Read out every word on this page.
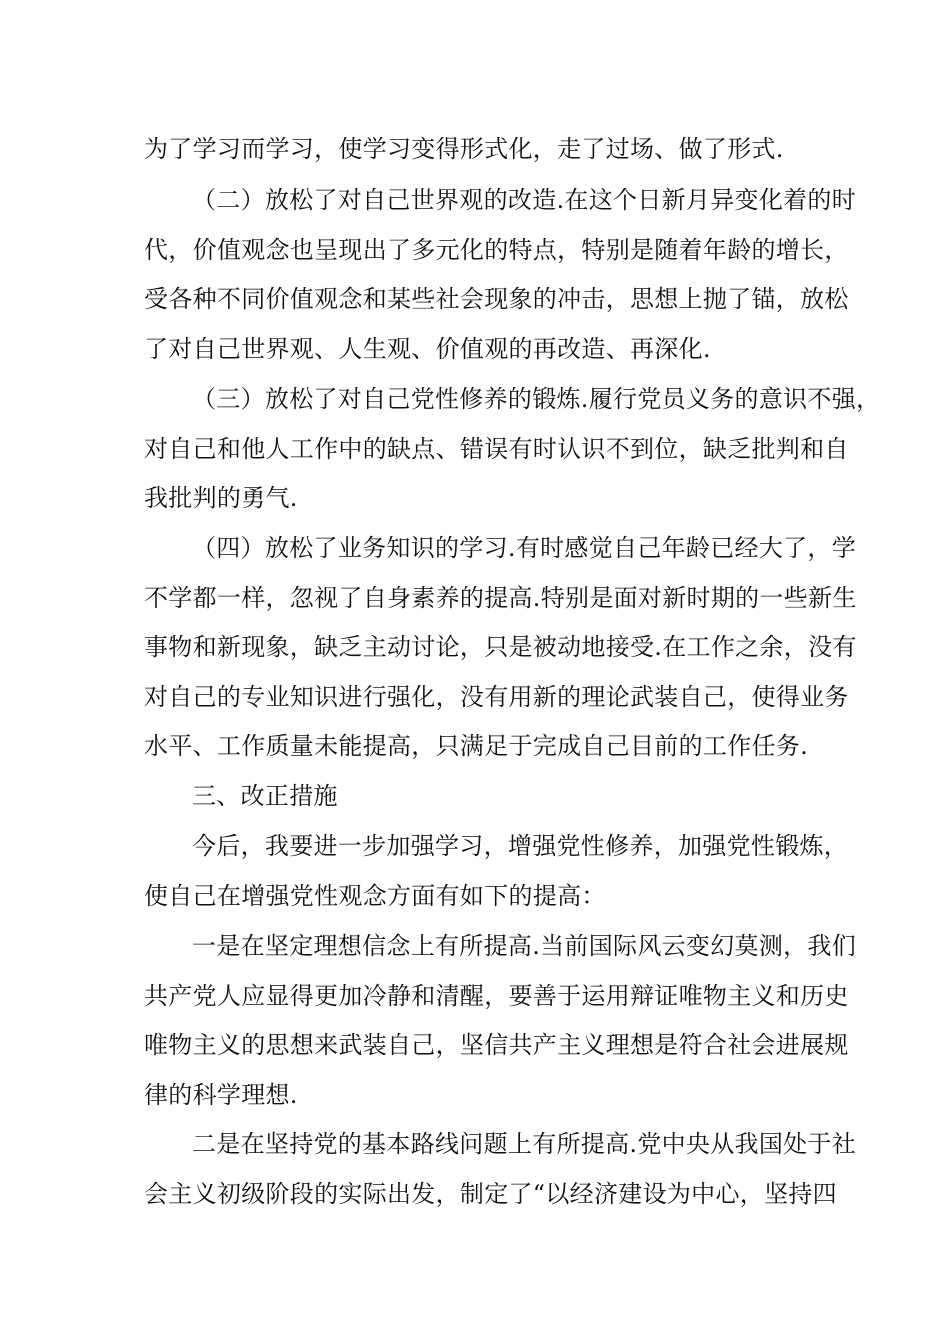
为了学习而学习，使学习变得形式化，走了过场、做了形式.
（二）放松了对自己世界观的改造.在这个日新月异变化着的时
代，价值观念也呈现出了多元化的特点，特别是随着年龄的增长，
受各种不同价值观念和某些社会现象的冲击，思想上抛了锚，放松
了对自己世界观、人生观、价值观的再改造、再深化.
（三）放松了对自己党性修养的锻炼.履行党员义务的意识不强，
对自己和他人工作中的缺点、错误有时认识不到位，缺乏批判和自
我批判的勇气.
（四）放松了业务知识的学习.有时感觉自己年龄已经大了，学
不学都一样，忽视了自身素养的提高.特别是面对新时期的一些新生
事物和新现象，缺乏主动讨论，只是被动地接受.在工作之余，没有
对自己的专业知识进行强化，没有用新的理论武装自己，使得业务
水平、工作质量未能提高，只满足于完成自己目前的工作任务.
三、改正措施
今后，我要进一步加强学习，增强党性修养，加强党性锻炼，
使自己在增强党性观念方面有如下的提高：
一是在坚定理想信念上有所提高.当前国际风云变幻莫测，我们
共产党人应显得更加冷静和清醒，要善于运用辩证唯物主义和历史
唯物主义的思想来武装自己，坚信共产主义理想是符合社会进展规
律的科学理想.
二是在坚持党的基本路线问题上有所提高.党中央从我国处于社
会主义初级阶段的实际出发，制定了“以经济建设为中心，坚持四
